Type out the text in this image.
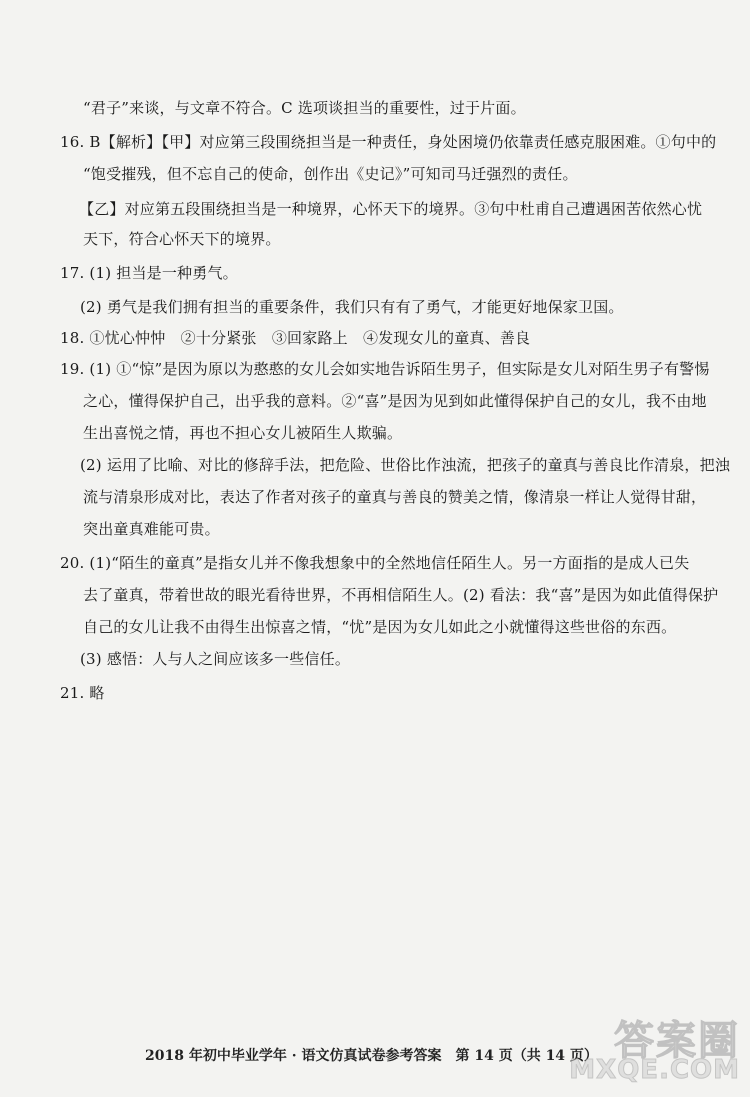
“君子”来谈，与文章不符合。C 选项谈担当的重要性，过于片面。
16. B【解析】【甲】对应第三段围绕担当是一种责任，身处困境仍依靠责任感克服困难。①句中的
“饱受摧残，但不忘自己的使命，创作出《史记》”可知司马迁强烈的责任。
【乙】对应第五段围绕担当是一种境界，心怀天下的境界。③句中杜甫自己遭遇困苦依然心忧
天下，符合心怀天下的境界。
17. (1) 担当是一种勇气。
(2) 勇气是我们拥有担当的重要条件，我们只有有了勇气，才能更好地保家卫国。
18. ①忧心忡忡　②十分紧张　③回家路上　④发现女儿的童真、善良
19. (1) ①“惊”是因为原以为憨憨的女儿会如实地告诉陌生男子，但实际是女儿对陌生男子有警惕
之心，懂得保护自己，出乎我的意料。②“喜”是因为见到如此懂得保护自己的女儿，我不由地
生出喜悦之情，再也不担心女儿被陌生人欺骗。
(2) 运用了比喻、对比的修辞手法，把危险、世俗比作浊流，把孩子的童真与善良比作清泉，把浊
流与清泉形成对比，表达了作者对孩子的童真与善良的赞美之情，像清泉一样让人觉得甘甜，
突出童真难能可贵。
20. (1)“陌生的童真”是指女儿并不像我想象中的全然地信任陌生人。另一方面指的是成人已失
去了童真，带着世故的眼光看待世界，不再相信陌生人。(2) 看法：我“喜”是因为如此值得保护
自己的女儿让我不由得生出惊喜之情，“忧”是因为女儿如此之小就懂得这些世俗的东西。
(3) 感悟：人与人之间应该多一些信任。
21. 略
2018 年初中毕业学年 · 语文仿真试卷参考答案　第 14 页（共 14 页） 答案圈
MXQE.COM
